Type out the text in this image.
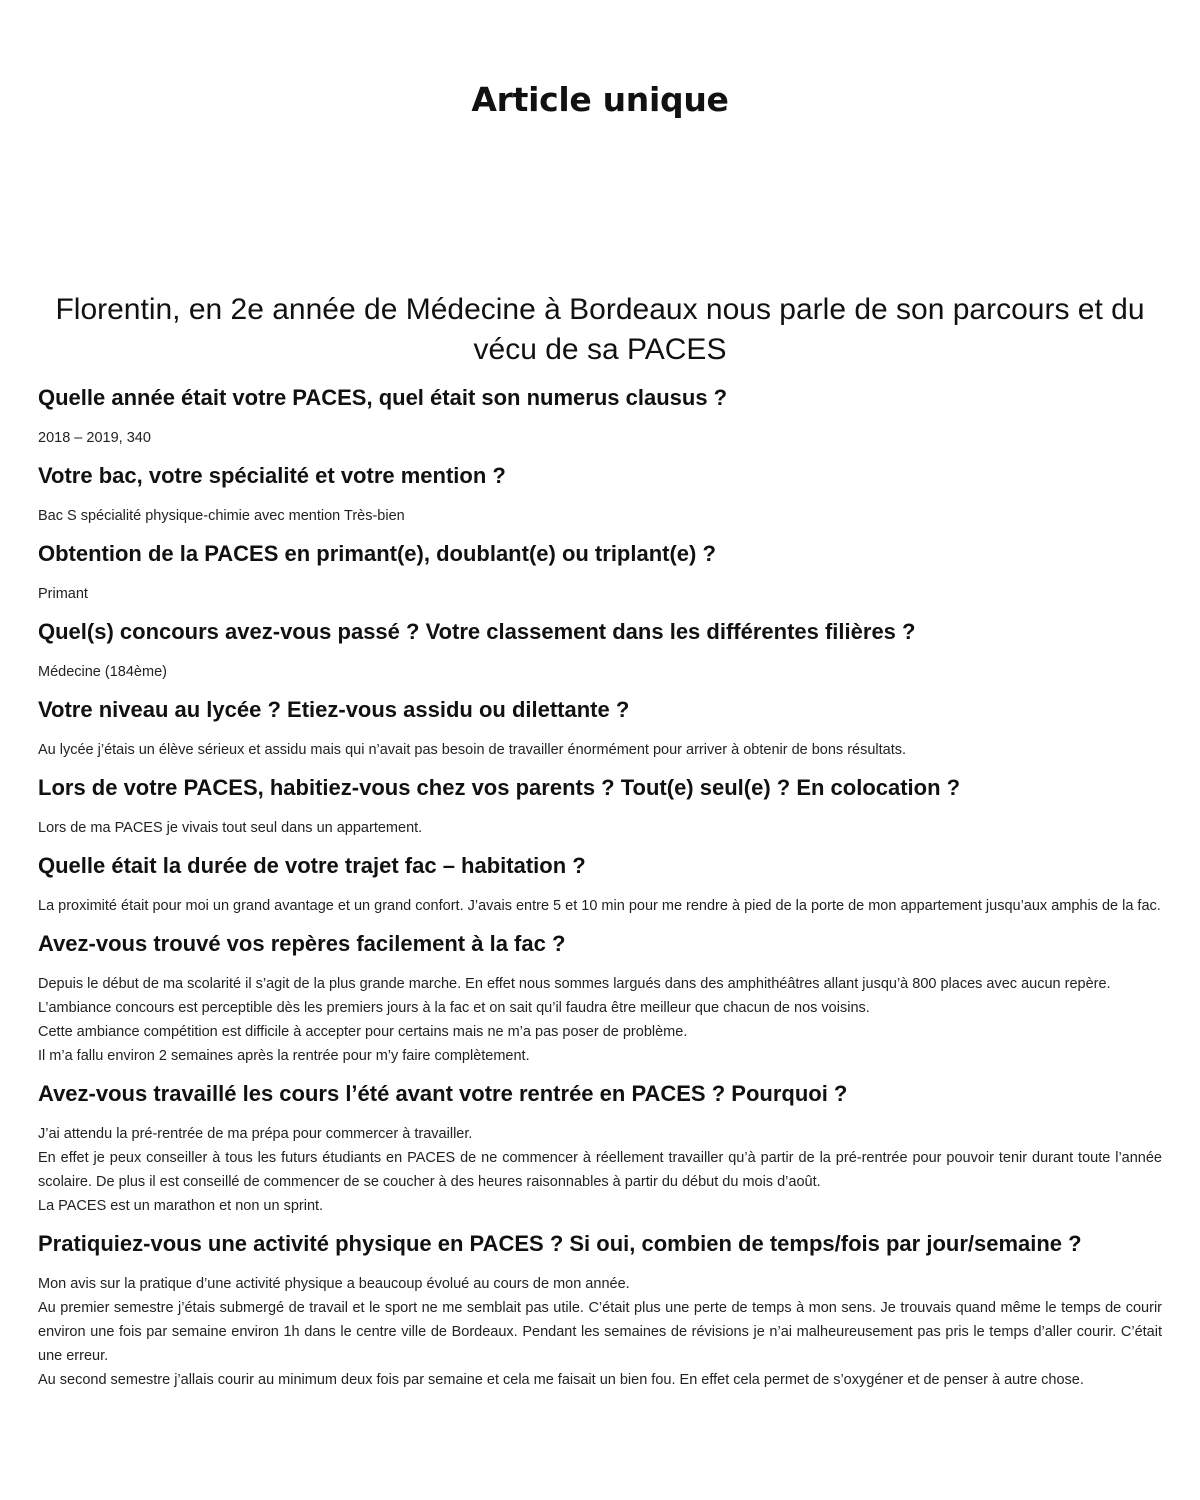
Article unique
Florentin, en 2e année de Médecine à Bordeaux nous parle de son parcours et du vécu de sa PACES
Quelle année était votre PACES, quel était son numerus clausus ?

2018 – 2019, 340

Votre bac, votre spécialité et votre mention ?

Bac S spécialité physique-chimie avec mention Très-bien

Obtention de la PACES en primant(e), doublant(e) ou triplant(e) ?

Primant

Quel(s) concours avez-vous passé ? Votre classement dans les différentes filières ?

Médecine (184ème)

Votre niveau au lycée ? Etiez-vous assidu ou dilettante ?

Au lycée j’étais un élève sérieux et assidu mais qui n’avait pas besoin de travailler énormément pour arriver à obtenir de bons résultats.

Lors de votre PACES, habitiez-vous chez vos parents ? Tout(e) seul(e) ? En colocation ?

Lors de ma PACES je vivais tout seul dans un appartement.

Quelle était la durée de votre trajet fac – habitation ?

La proximité était pour moi un grand avantage et un grand confort. J’avais entre 5 et 10 min pour me rendre à pied de la porte de mon appartement jusqu’aux amphis de la fac.

Avez-vous trouvé vos repères facilement à la fac ?

Depuis le début de ma scolarité il s’agit de la plus grande marche. En effet nous sommes largués dans des amphithéâtres allant jusqu’à 800 places avec aucun repère.

L’ambiance concours est perceptible dès les premiers jours à la fac et on sait qu’il faudra être meilleur que chacun de nos voisins.

Cette ambiance compétition est difficile à accepter pour certains mais ne m’a pas poser de problème.

Il m’a fallu environ 2 semaines après la rentrée pour m’y faire complètement.

Avez-vous travaillé les cours l’été avant votre rentrée en PACES ? Pourquoi ?

J’ai attendu la pré-rentrée de ma prépa pour commercer à travailler.

En effet je peux conseiller à tous les futurs étudiants en PACES de ne commencer à réellement travailler qu’à partir de la pré-rentrée pour pouvoir tenir durant toute l’année scolaire. De plus il est conseillé de commencer de se coucher à des heures raisonnables à partir du début du mois d’août.

La PACES est un marathon et non un sprint.

Pratiquiez-vous une activité physique en PACES ? Si oui, combien de temps/fois par jour/semaine ?

Mon avis sur la pratique d’une activité physique a beaucoup évolué au cours de mon année.

Au premier semestre j’étais submergé de travail et le sport ne me semblait pas utile. C’était plus une perte de temps à mon sens. Je trouvais quand même le temps de courir environ une fois par semaine environ 1h dans le centre ville de Bordeaux. Pendant les semaines de révisions je n’ai malheureusement pas pris le temps d’aller courir. C’était une erreur.

Au second semestre j’allais courir au minimum deux fois par semaine et cela me faisait un bien fou. En effet cela permet de s’oxygéner et de penser à autre chose.
